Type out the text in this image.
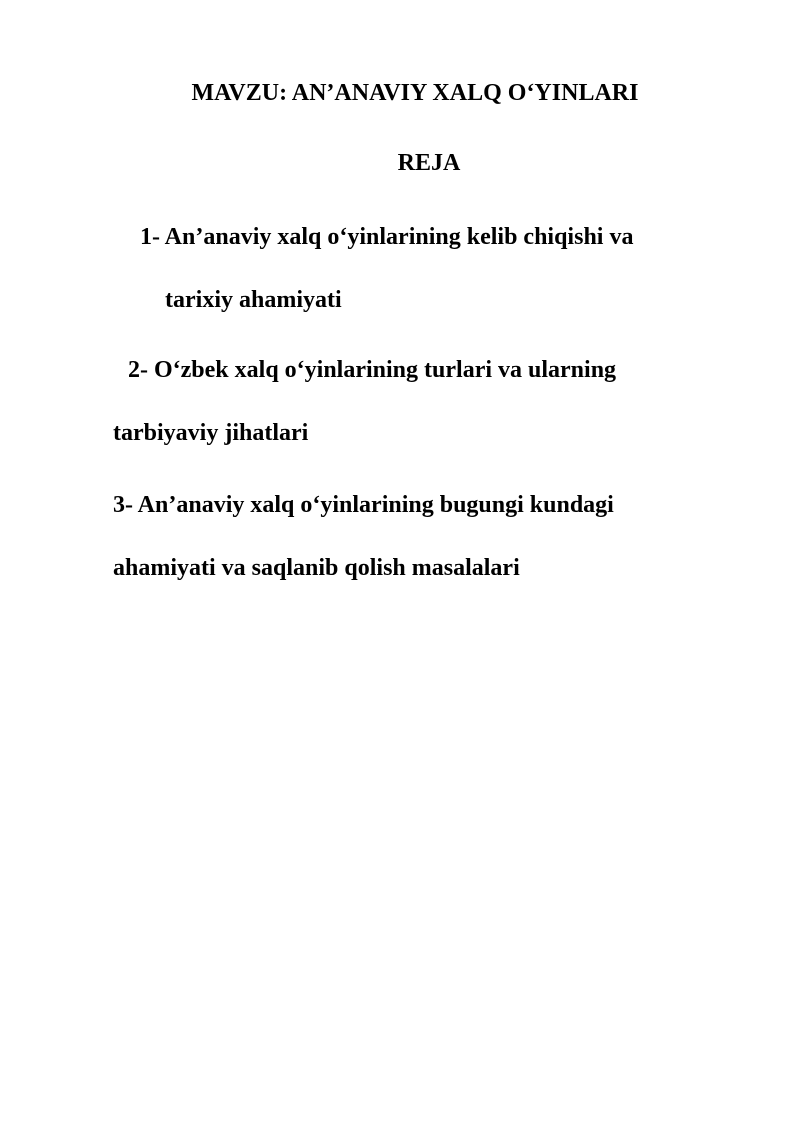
MAVZU: AN’ANAVIY XALQ O‘YINLARI
REJA
1- An’anaviy xalq o‘yinlarining kelib chiqishi va
tarixiy ahamiyati
2- O‘zbek xalq o‘yinlarining turlari va ularning
tarbiyaviy jihatlari
3- An’anaviy xalq o‘yinlarining bugungi kundagi
ahamiyati va saqlanib qolish masalalari
